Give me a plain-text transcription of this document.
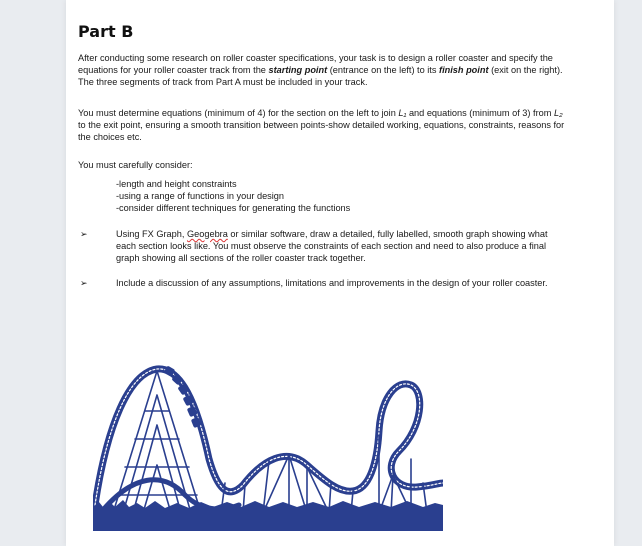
Part B
After conducting some research on roller coaster specifications, your task is to design a roller coaster and specify the equations for your roller coaster track from the starting point (entrance on the left) to its finish point (exit on the right). The three segments of track from Part A must be included in your track.
You must determine equations (minimum of 4) for the section on the left to join L₁ and equations (minimum of 3) from L₂ to the exit point, ensuring a smooth transition between points-show detailed working, equations, constraints, reasons for the choices etc.
You must carefully consider:
-length and height constraints
-using a range of functions in your design
-consider different techniques for generating the functions
➢	Using FX Graph, Geogebra or similar software, draw a detailed, fully labelled, smooth graph showing what each section looks like. You must observe the constraints of each section and need to also produce a final graph showing all sections of the roller coaster track together.
➢	Include a discussion of any assumptions, limitations and improvements in the design of your roller coaster.
